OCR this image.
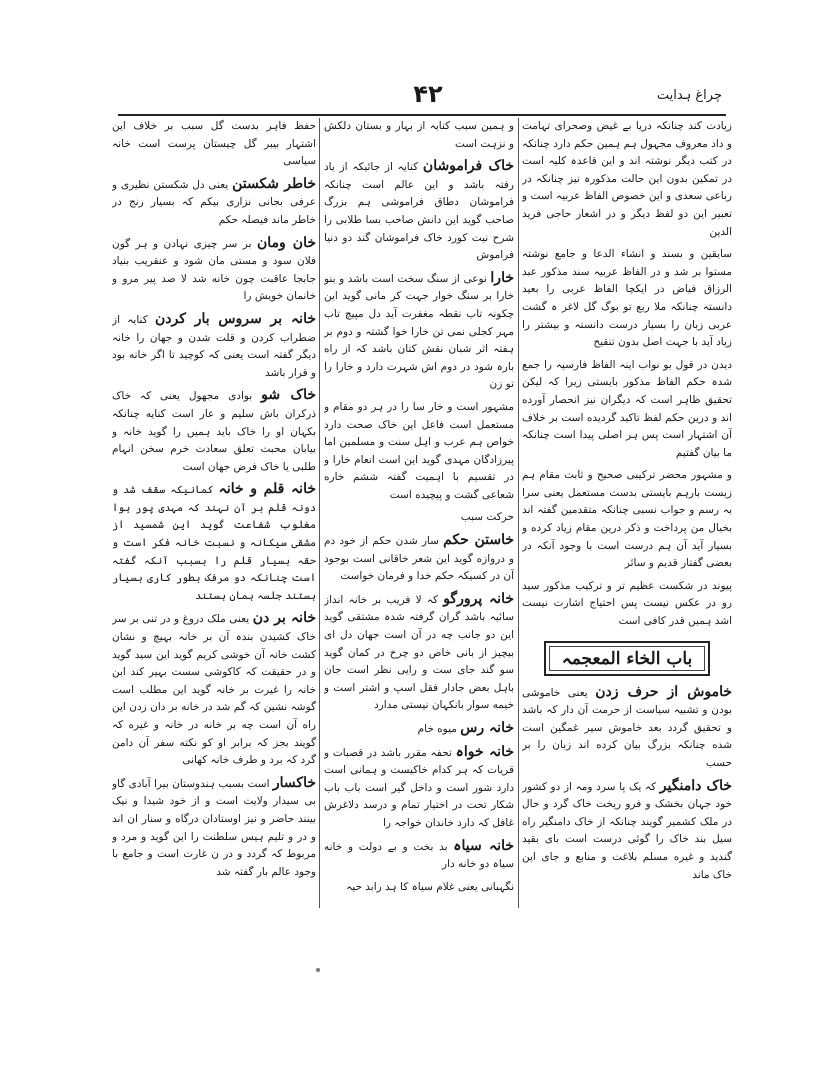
۴۲	چراغ ہدایت

زیادت کند چنانکہ دریا بے غیض وصحرای تہامت و داد معروف مجہول ہم ہمین حکم دارد چنانکہ در کتب دیگر نوشتہ اند و این قاعدہ کلیہ است در تمکین بدون این حالت مذکورہ نیز چنانکہ در رباعی سعدی و این خصوص الفاظ عربیہ است و تعبیر این دو لفظ دیگر و در اشعار حاجی فرید الدین

سایقین و بسند و انشاء الدعا و جامع نوشتہ مستوا بر شد و در الفاظ عربیہ سند مذکور عبد الرزاق فیاض در ایکچا الفاظ عربی را بعید دانستہ چنانکہ ملا ربع تو بوگ گل لاغر ہ گشت عربی زبان را بسیار درست دانستہ و بیشتر را زیاد آید با جہت اصل بدون تنقیح

دیدن در قول بو نواب اینہ الفاظ فارسیہ را جمع شدہ حکم الفاظ مذکور بایستی زیرا کہ لیکن تحقیق ظاہر است کہ دیگران نیز انحصار آورده اند و درین حکم لفظ تاکید گردیده است بر خلاف آن اشتہار است پس ہر اصلی پیدا است چنانکہ ما بیان گفتیم

و مشہور محضر ترکیبی صحیح و ثابت مقام ہم زیست بارہم بایستی بدست مستعمل یعنی سرا بہ رسم و جواب نسبی چنانکہ متقدمین گفتہ اند بخیال من پرداخت و ذکر درین مقام زیاد کرده و بسیار آید آن ہم درست است با وجود آنکہ در بعضی گفتار قدیم و سائر

پیوند در شکست عظیم تر و ترکیب مذکور سید رو در عکس نیست پس احتیاج اشارت نیست اشد ہمیں قدر کافی است

باب الخاء المعجمہ

خاموش از حرف زدن یعنی خاموشی بودن و تشبیہ سیاست از حرمت آن دار کہ باشد و تحقیق گردد بعد خاموش سیر غمگین است شده چنانکہ بزرگ بیان کرده اند زبان را بر حسب

خاک دامنگیر کہ یک پا سرد ومہ از دو کشور خود جہان بخشک و فرو ریخت خاک گرد و حال در ملک کشمیر گویند چنانکہ از خاک دامنگیر راه سیل بند خاک را گوئی درست است بای بقید گندید و غیره مسلم بلاغت و منابع و جای این خاک ماند

و ہمین سبب کنایہ از بہار و بستان دلکش و نزہت است

خاک فراموشان کنایہ از جائیکہ از یاد رفتہ باشد و این عالم است چنانکہ فراموشان دطاق فراموشی ہم بزرگ صاحب گوید این دانش صاحب بسا طلابی را شرح نیت کورد خاک فراموشان گند دو دنیا فراموش

خارا نوعی از سنگ سخت است باشد و بنو خارا بر سنگ خوار جہت کر مانی گوید این چکونہ تاب نقطہ مغفرت آید دل مپیچ تاب مہر کجلی نمی تن خارا خوا گشتہ و دوم بر ہفتہ اثر شبان نقش کتان باشد کہ از راه بارہ شود در دوم اش شہرت دارد و خارا را تو زن

مشہور است و خار سا را در ہر دو مقام و مستعمل است فاعل این خاک صحت دارد خواص ہم عرب و اہل سنت و مسلمین اما پیرزادگان مہدی گوید این است انعام خارا و در تقسیم با اہمیت گفتہ ششم خاره شعاعی گشت و پیچیده است

حرکت سبب

خاستن حکم سار شدن حکم از خود دم و دروازه گوید این شعر خاقانی است بوجود آن در کسیکہ حکم خدا و فرمان خواست

خانہ پرورگو کہ لا فریب بر خانہ انداز سائیہ باشد گران گرفتہ شدہ مشتقی گوید این دو جانب چه در آن است جهان دل ای بیچیز از بانی خاص دو چرخ در کمان گوید سو گند جای ست و رایی نظر است جان باہل بعض جادار فقل اسپ و اشتر است و خیمه سوار بانکہان نیستی مدارد

خانہ رس میوه خام

خانہ خواہ تحفہ مقرر باشد در قصبات و قریات کہ ہر کدام خاکیست و ہمانی است دارد شور است و داخل گیر است باب باب شکار تحت در اختیار تمام و درسد دلاغرش غافل کہ دارد خاندان خواجہ را

خانہ سیاہ بد بخت و بے دولت و خانه سیاہ دو خانه دار

نگہبانی یعنی غلام سیاہ کا ہد رابد حیہ

حفظ فاہر بدست گل سبب بر خلاف این اشتہار بیبر گل چیستان پرست است خانہ سیاسی

خاطر شکستن یعنی دل شکستن نظیری و عرفی بجانی نزاری بیکم کہ بسیار رنج در خاطر ماند فیصلہ حکم

خان ومان بر سر چیزی نہادن و ہر گون فلان سود و مستی مان شود و عنقریب بنیاد جابجا عاقبت چون خانه شد لا صد پیر مرو و خانمان خویش را

خانہ بر سروس بار کردن کنایہ از ضطراب کردن و قلت شدن و جهان را خانہ دیگر گفتہ است یعنی کہ کوچید تا اگر خانه بود و قرار باشد

خاک شو بوادی مجهول یعنی کہ خاک ذرکران باش سلیم و عار است کنایه چنانکہ بکہان او را خاک باید ہمیں را گوید خانہ و بیابان محبت تعلق سعادت خرم سخن انہام طلبی یا خاک فرض جهان است

خانہ قلم و خانہ کمانیکہ سقف شد و دونہ قلم بر آن نہند کہ مہدی پور ہوا مغلوب شفاعت گوید این شمسید از مشقی سیکانہ و نسبت خانہ فکر است و حقہ بسیار قلم را بسبب آنکہ گفتہ است چنانکہ دو مرفک بطور کاری بسیار ہستند جلسہ ہمان ہستند

خانہ بر دن یعنی ملک دروغ و در تنی بر سر خاک کشیدن بندہ آن بر خانہ بہیچ و نشان کشت خانہ آن خوشی کریم گوید این سید گوید و در حقیقت کہ کاکوشی سست بہیر کند ابن خانہ را غیرت بر خانہ گوید این مطلب است گوشہ نشین کہ گم شد در خانه بر دان زدن این راه آن است چه بر خانه در خانہ و غیره کہ گویند بجز کہ برابر او کو نکته سفر آن دامن گرد کہ برد و طرف خانہ کهانی

خاکسار است بسبب ہندوستان بیرا آبادی گاو بی سیدار ولایت است و از خود شیدا و نیک بینند حاضر و نیز اوستادان درگاه و سنار ان اند و در و تلیم ہیس سلطنت را این گوید و مرد و مربوط کہ گردد و در ن غارت است و جامع با وجود عالم بار گفتہ شد
